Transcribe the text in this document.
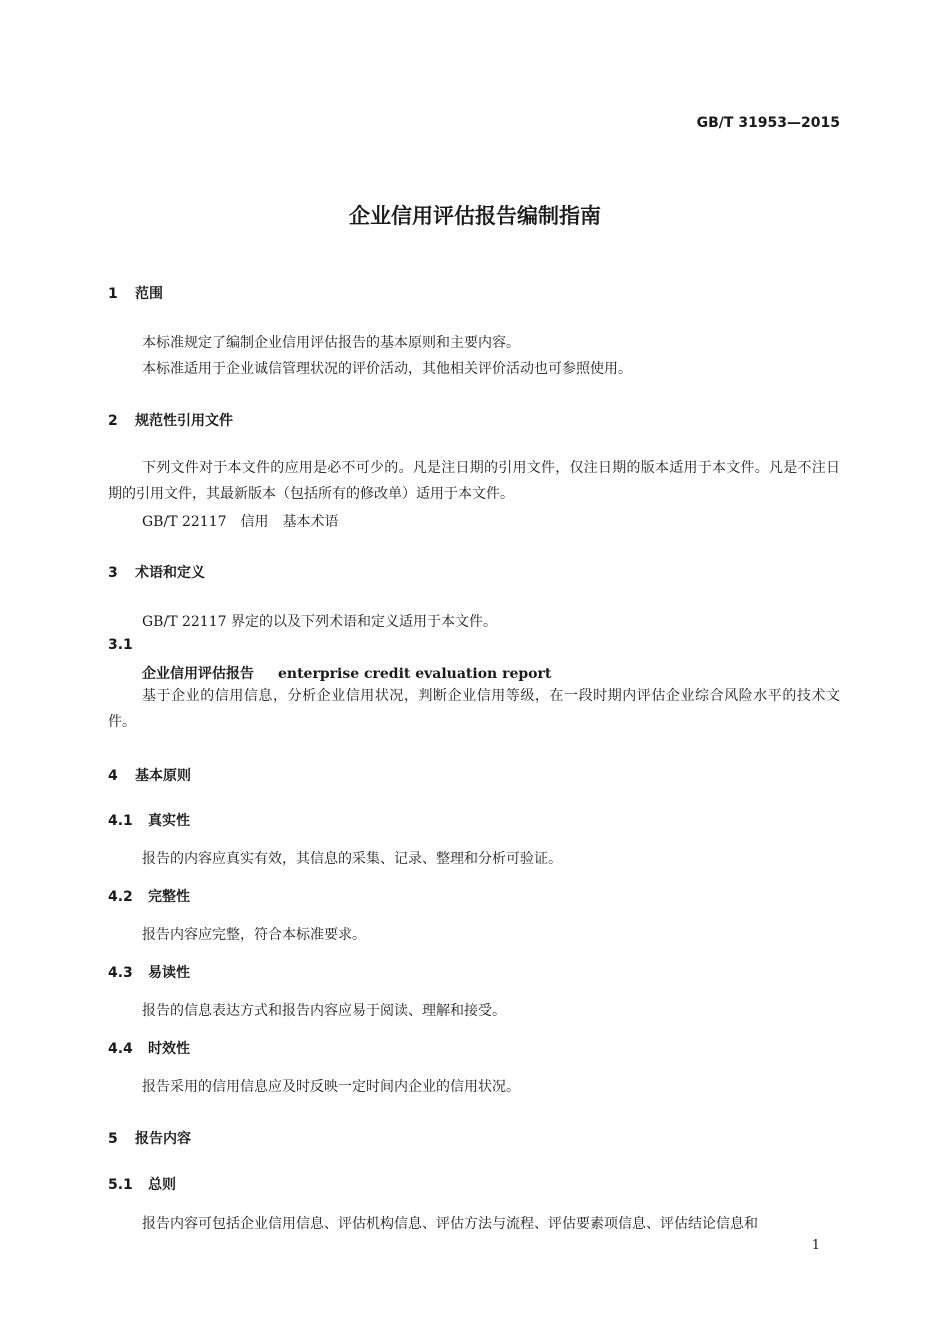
GB/T 31953—2015
企业信用评估报告编制指南
1 范围
本标准规定了编制企业信用评估报告的基本原则和主要内容。
本标准适用于企业诚信管理状况的评价活动，其他相关评价活动也可参照使用。
2 规范性引用文件
下列文件对于本文件的应用是必不可少的。凡是注日期的引用文件，仅注日期的版本适用于本文件。凡是不注日期的引用文件，其最新版本（包括所有的修改单）适用于本文件。
GB/T 22117 信用 基本术语
3 术语和定义
GB/T 22117 界定的以及下列术语和定义适用于本文件。
3.1
企业信用评估报告 enterprise credit evaluation report
基于企业的信用信息，分析企业信用状况，判断企业信用等级，在一段时期内评估企业综合风险水平的技术文件。
4 基本原则
4.1 真实性
报告的内容应真实有效，其信息的采集、记录、整理和分析可验证。
4.2 完整性
报告内容应完整，符合本标准要求。
4.3 易读性
报告的信息表达方式和报告内容应易于阅读、理解和接受。
4.4 时效性
报告采用的信用信息应及时反映一定时间内企业的信用状况。
5 报告内容
5.1 总则
报告内容可包括企业信用信息、评估机构信息、评估方法与流程、评估要素项信息、评估结论信息和
1
